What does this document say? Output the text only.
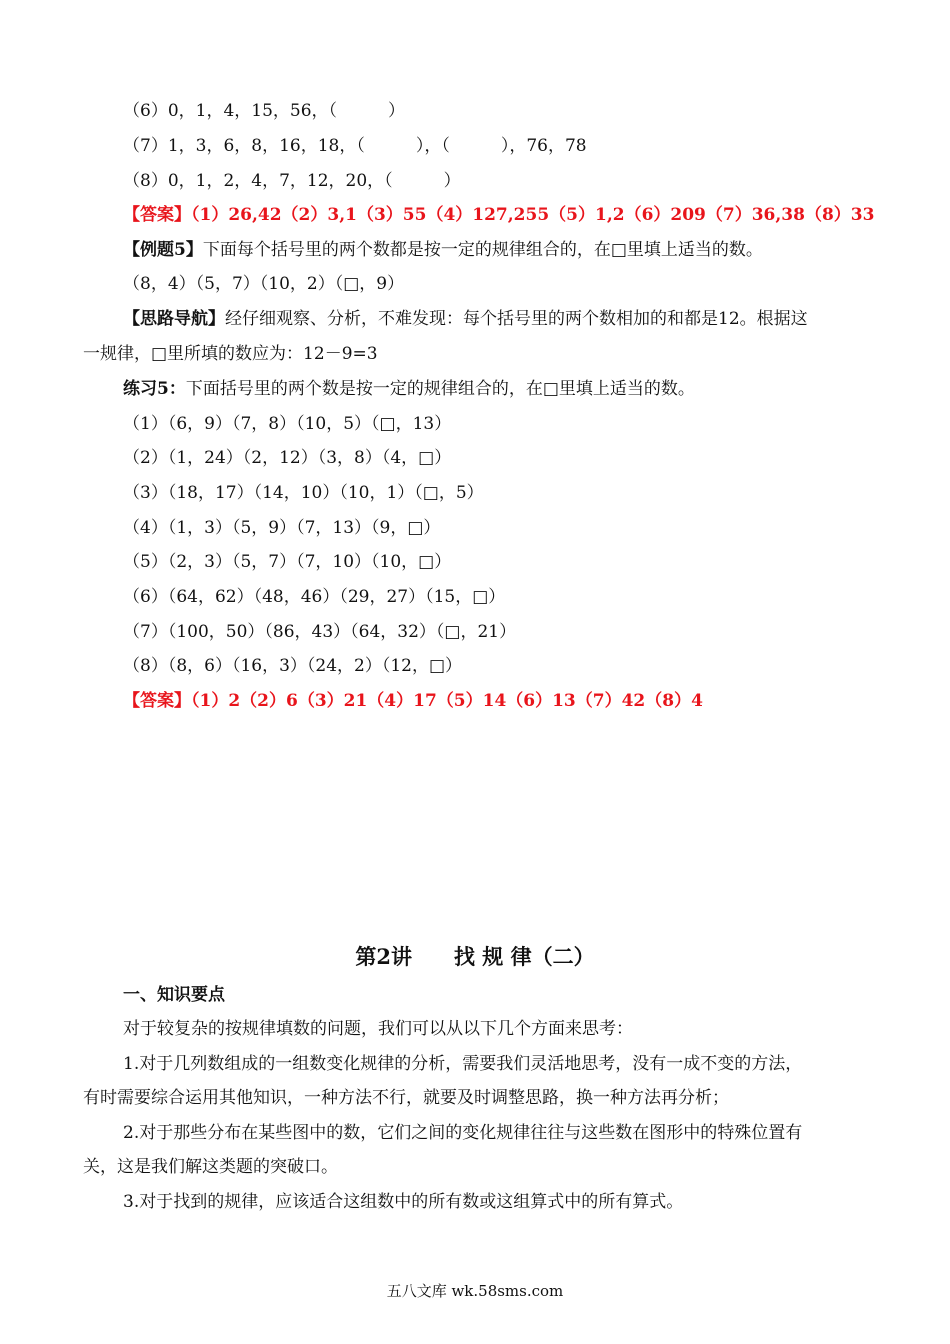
（6）0，1，4，15，56，（　　　）
（7）1，3，6，8，16，18，（　　　），（　　　），76，78
（8）0，1，2，4，7，12，20，（　　　）
【答案】（1）26,42（2）3,1（3）55（4）127,255（5）1,2（6）209（7）36,38（8）33
【例题5】下面每个括号里的两个数都是按一定的规律组合的，在□里填上适当的数。
（8，4）（5，7）（10，2）（□，9）
【思路导航】经仔细观察、分析，不难发现：每个括号里的两个数相加的和都是12。根据这
一规律，□里所填的数应为：12－9=3
练习5：下面括号里的两个数是按一定的规律组合的，在□里填上适当的数。
（1）（6，9）（7，8）（10，5）（□，13）
（2）（1，24）（2，12）（3，8）（4，□）
（3）（18，17）（14，10）（10，1）（□，5）
（4）（1，3）（5，9）（7，13）（9，□）
（5）（2，3）（5，7）（7，10）（10，□）
（6）（64，62）（48，46）（29，27）（15，□）
（7）（100，50）（86，43）（64，32）（□，21）
（8）（8，6）（16，3）（24，2）（12，□）
【答案】（1）2（2）6（3）21（4）17（5）14（6）13（7）42（8）4
第2讲　　找 规 律（二）
一、知识要点
对于较复杂的按规律填数的问题，我们可以从以下几个方面来思考：
1.对于几列数组成的一组数变化规律的分析，需要我们灵活地思考，没有一成不变的方法，
有时需要综合运用其他知识，一种方法不行，就要及时调整思路，换一种方法再分析；
2.对于那些分布在某些图中的数，它们之间的变化规律往往与这些数在图形中的特殊位置有
关，这是我们解这类题的突破口。
3.对于找到的规律，应该适合这组数中的所有数或这组算式中的所有算式。
五八文库 wk.58sms.com
